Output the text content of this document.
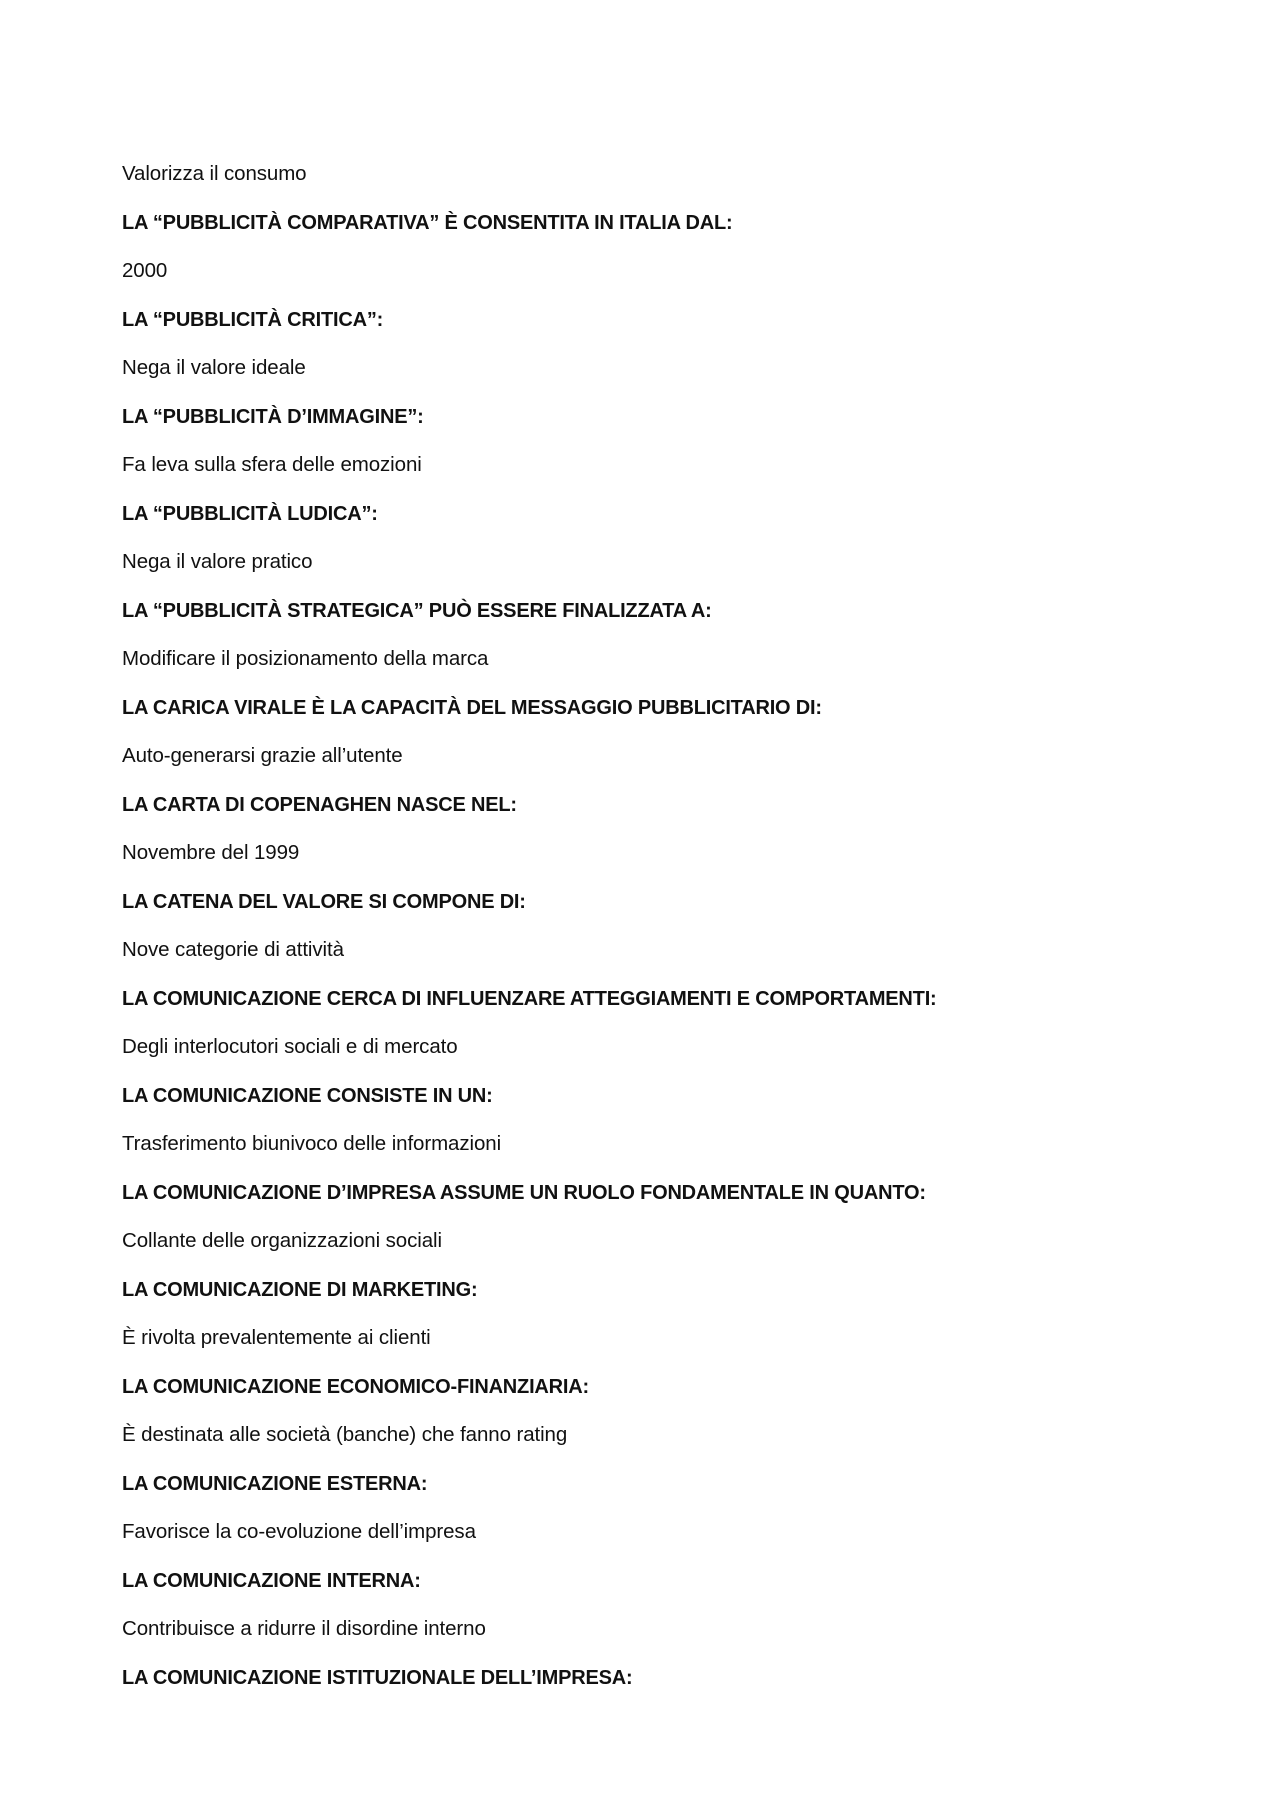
Valorizza il consumo
LA “PUBBLICITÀ COMPARATIVA” È CONSENTITA IN ITALIA DAL:
2000
LA “PUBBLICITÀ CRITICA”:
Nega il valore ideale
LA “PUBBLICITÀ D’IMMAGINE”:
Fa leva sulla sfera delle emozioni
LA “PUBBLICITÀ LUDICA”:
Nega il valore pratico
LA “PUBBLICITÀ STRATEGICA” PUÒ ESSERE FINALIZZATA A:
Modificare il posizionamento della marca
LA CARICA VIRALE È LA CAPACITÀ DEL MESSAGGIO PUBBLICITARIO DI:
Auto-generarsi grazie all’utente
LA CARTA DI COPENAGHEN NASCE NEL:
Novembre del 1999
LA CATENA DEL VALORE SI COMPONE DI:
Nove categorie di attività
LA COMUNICAZIONE CERCA DI INFLUENZARE ATTEGGIAMENTI E COMPORTAMENTI:
Degli interlocutori sociali e di mercato
LA COMUNICAZIONE CONSISTE IN UN:
Trasferimento biunivoco delle informazioni
LA COMUNICAZIONE D’IMPRESA ASSUME UN RUOLO FONDAMENTALE IN QUANTO:
Collante delle organizzazioni sociali
LA COMUNICAZIONE DI MARKETING:
È rivolta prevalentemente ai clienti
LA COMUNICAZIONE ECONOMICO-FINANZIARIA:
È destinata alle società (banche) che fanno rating
LA COMUNICAZIONE ESTERNA:
Favorisce la co-evoluzione dell’impresa
LA COMUNICAZIONE INTERNA:
Contribuisce a ridurre il disordine interno
LA COMUNICAZIONE ISTITUZIONALE DELL’IMPRESA:
